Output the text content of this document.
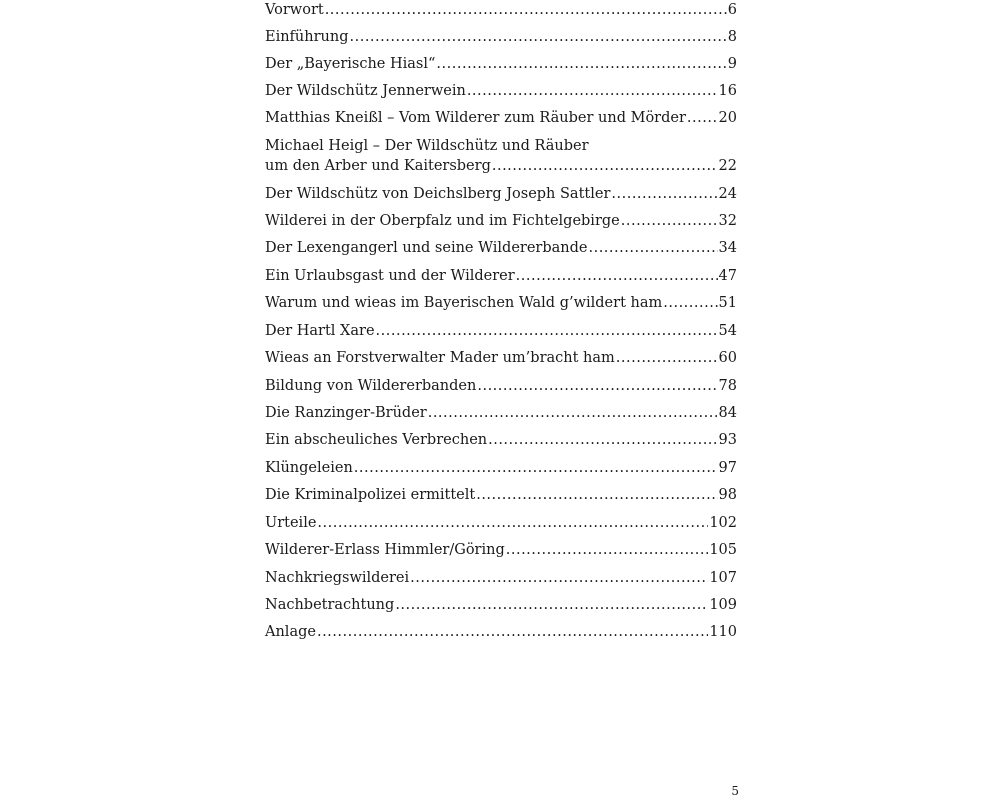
Vorwort .....	6
Einführung .....	8
Der „Bayerische Hiasl“ .....	9
Der Wildschütz Jennerwein .....	16
Matthias Kneißl – Vom Wilderer zum Räuber und Mörder ..... 20
Michael Heigl – Der Wildschütz und Räuber
um den Arber und Kaitersberg .....	22
Der Wildschütz von Deichslberg Joseph Sattler .....	24
Wilderei in der Oberpfalz und im Fichtelgebirge .....	32
Der Lexengangerl und seine Wildererbande .....	34
Ein Urlaubsgast und der Wilderer .....	47
Warum und wieas im Bayerischen Wald g’wildert ham .....	51
Der Hartl Xare .....	54
Wieas an Forstverwalter Mader um’bracht ham .....	60
Bildung von Wildererbanden .....	78
Die Ranzinger-Brüder .....	84
Ein abscheuliches Verbrechen .....	93
Klüngeleien .....	97
Die Kriminalpolizei ermittelt .....	98
Urteile .....	102
Wilderer-Erlass Himmler/Göring .....	105
Nachkriegswilderei .....	107
Nachbetrachtung .....	109
Anlage .....	110
5
